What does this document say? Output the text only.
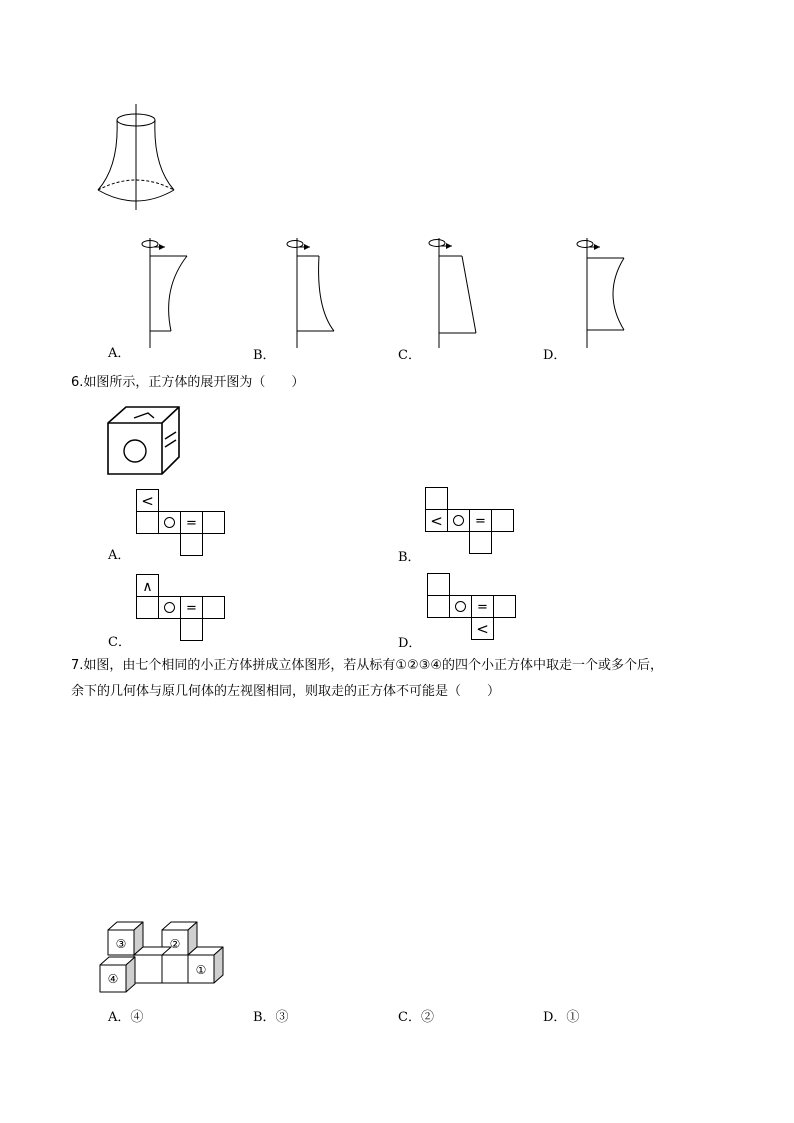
A．	B．	C．	D．
6.如图所示，正方体的展开图为（　　）
<
=
A．
< =
B．
∧
=
C．
=
<
D．
7.如图，由七个相同的小正方体拼成立体图形，若从标有①②③④的四个小正方体中取走一个或多个后，
余下的几何体与原几何体的左视图相同，则取走的正方体不可能是（　　）
③	②
④
①
A．④	B．③	C．②	D．①
